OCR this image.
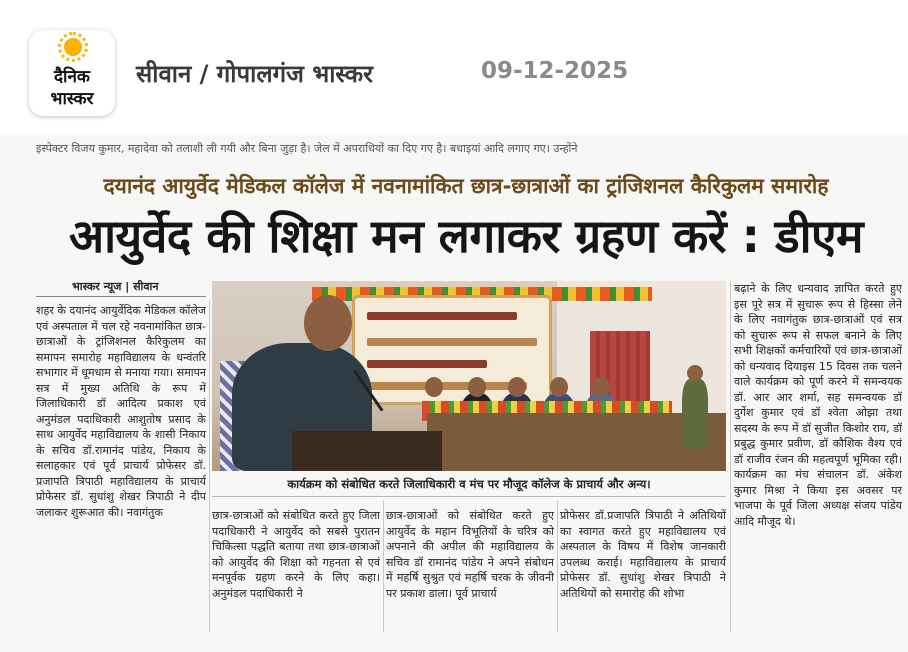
दैनिक
भास्कर
सीवान / गोपालगंज भास्कर	09-12-2025
इस्पेक्टर विजय कुमार, महादेवा को तलाशी ली गयी और बिना जुड़ा है। जेल में अपराधियों का दिए गए है। बधाइयां आदि लगाए गए। उन्होंने
दयानंद आयुर्वेद मेडिकल कॉलेज में नवनामांकित छात्र-छात्राओं का ट्रांजिशनल कैरिकुलम समारोह
आयुर्वेद की शिक्षा मन लगाकर ग्रहण करें : डीएम
भास्कर न्यूज | सीवान
शहर के दयानंद आयुर्वेदिक मेडिकल कॉलेज एवं अस्पताल में चल रहे नवनामांकित छात्र-छात्राओं के ट्रांजिशनल कैरिकुलम का समापन समारोह महाविद्यालय के धन्वंतरि सभागार में धूमधाम से मनाया गया। समापन सत्र में मुख्य अतिथि के रूप में जिलाधिकारी डॉ आदित्य प्रकाश एवं अनुमंडल पदाधिकारी आशुतोष प्रसाद के साथ आयुर्वेद महाविद्यालय के शासी निकाय के सचिव डॉ.रामानंद पांडेय, निकाय के सलाहकार एवं पूर्व प्राचार्य प्रोफेसर डॉ. प्रजापति त्रिपाठी महाविद्यालय के प्राचार्य प्रोफेसर डॉ. सुधांशु शेखर त्रिपाठी ने दीप जलाकर शुरूआत की। नवागंतुक
कार्यक्रम को संबोधित करते जिलाधिकारी व मंच पर मौजूद कॉलेज के प्राचार्य और अन्य।
छात्र-छात्राओं को संबोधित करते हुए जिला पदाधिकारी ने आयुर्वेद को सबसे पुरातन चिकित्सा पद्धति बताया तथा छात्र-छात्राओं को आयुर्वेद की शिक्षा को गहनता से एवं मनपूर्वक ग्रहण करने के लिए कहा। अनुमंडल पदाधिकारी ने
छात्र-छात्राओं को संबोधित करते हुए आयुर्वेद के महान विभूतियों के चरित्र को अपनाने की अपील की महाविद्यालय के सचिव डॉ रामानंद पांडेय ने अपने संबोधन में महर्षि सुश्रुत एवं महर्षि चरक के जीवनी पर प्रकाश डाला। पूर्व प्राचार्य
प्रोफेसर डॉ.प्रजापति त्रिपाठी ने अतिथियों का स्वागत करते हुए महाविद्यालय एवं अस्पताल के विषय में विशेष जानकारी उपलब्ध कराई। महाविद्यालय के प्राचार्य प्रोफेसर डॉ. सुधांशु शेखर त्रिपाठी ने अतिथियों को समारोह की शोभा
बढ़ाने के लिए धन्यवाद ज्ञापित करते हुए इस पूरे सत्र में सुचारू रूप से हिस्सा लेने के लिए नवागंतुक छात्र-छात्राओं एवं सत्र को सुचारू रूप से सफल बनाने के लिए सभी शिक्षकों कर्मचारियों एवं छात्र-छात्राओं को धन्यवाद दियाइस 15 दिवस तक चलने वाले कार्यक्रम को पूर्ण करने में समन्वयक डॉ. आर आर शर्मा, सह समन्वयक डॉ दुर्गेश कुमार एवं डॉ श्वेता ओझा तथा सदस्य के रूप में डॉ सुजीत किशोर राय, डॉ प्रबुद्ध कुमार प्रवीण, डॉ कौशिक वैश्य एवं डॉ राजीव रंजन की महत्वपूर्ण भूमिका रही। कार्यक्रम का मंच संचालन डॉ. अंकेश कुमार मिश्रा ने किया इस अवसर पर भाजपा के पूर्व जिला अध्यक्ष संजय पांडेय आदि मौजूद थे।
